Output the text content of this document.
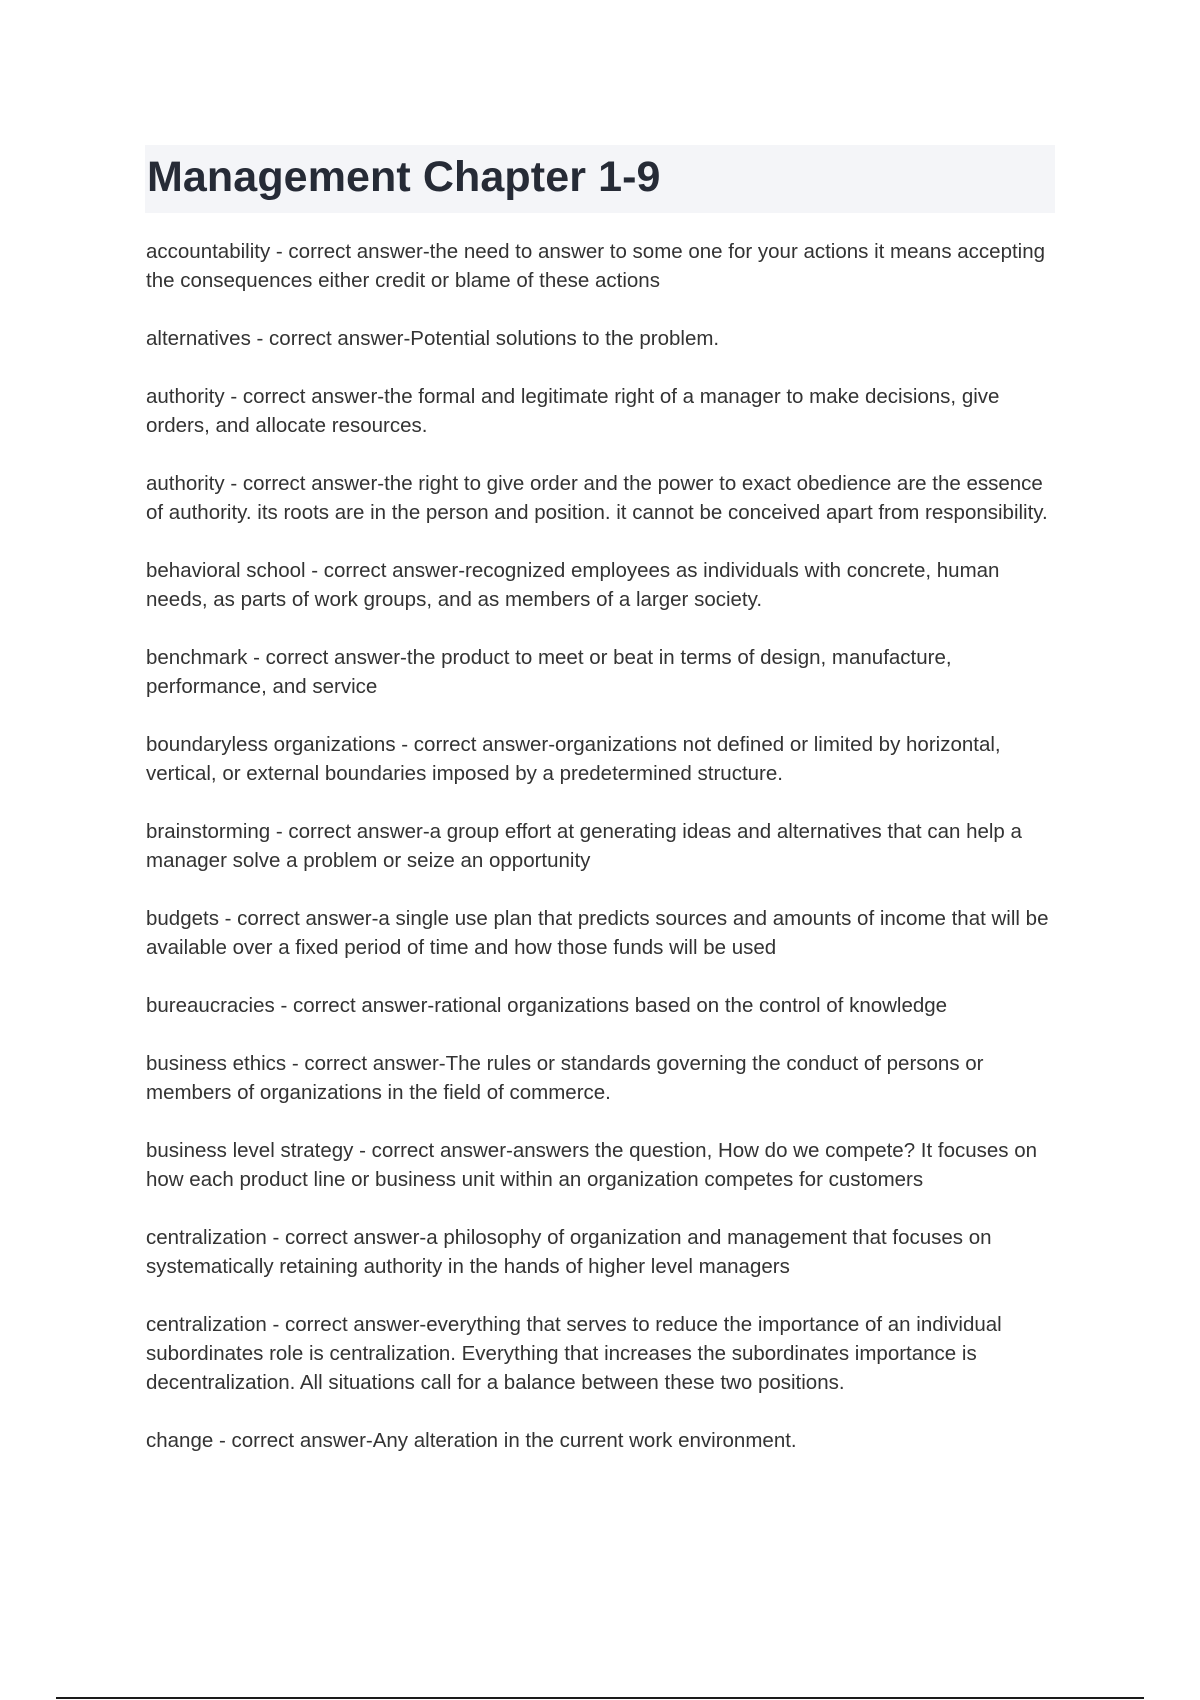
Management Chapter 1-9

accountability - correct answer-the need to answer to some one for your actions it means accepting the consequences either credit or blame of these actions

alternatives - correct answer-Potential solutions to the problem.

authority - correct answer-the formal and legitimate right of a manager to make decisions, give orders, and allocate resources.

authority - correct answer-the right to give order and the power to exact obedience are the essence of authority. its roots are in the person and position. it cannot be conceived apart from responsibility.

behavioral school - correct answer-recognized employees as individuals with concrete, human needs, as parts of work groups, and as members of a larger society.

benchmark - correct answer-the product to meet or beat in terms of design, manufacture, performance, and service

boundaryless organizations - correct answer-organizations not defined or limited by horizontal, vertical, or external boundaries imposed by a predetermined structure.

brainstorming - correct answer-a group effort at generating ideas and alternatives that can help a manager solve a problem or seize an opportunity

budgets - correct answer-a single use plan that predicts sources and amounts of income that will be available over a fixed period of time and how those funds will be used

bureaucracies - correct answer-rational organizations based on the control of knowledge

business ethics - correct answer-The rules or standards governing the conduct of persons or members of organizations in the field of commerce.

business level strategy - correct answer-answers the question, How do we compete? It focuses on how each product line or business unit within an organization competes for customers

centralization - correct answer-a philosophy of organization and management that focuses on systematically retaining authority in the hands of higher level managers

centralization - correct answer-everything that serves to reduce the importance of an individual subordinates role is centralization. Everything that increases the subordinates importance is decentralization. All situations call for a balance between these two positions.

change - correct answer-Any alteration in the current work environment.
